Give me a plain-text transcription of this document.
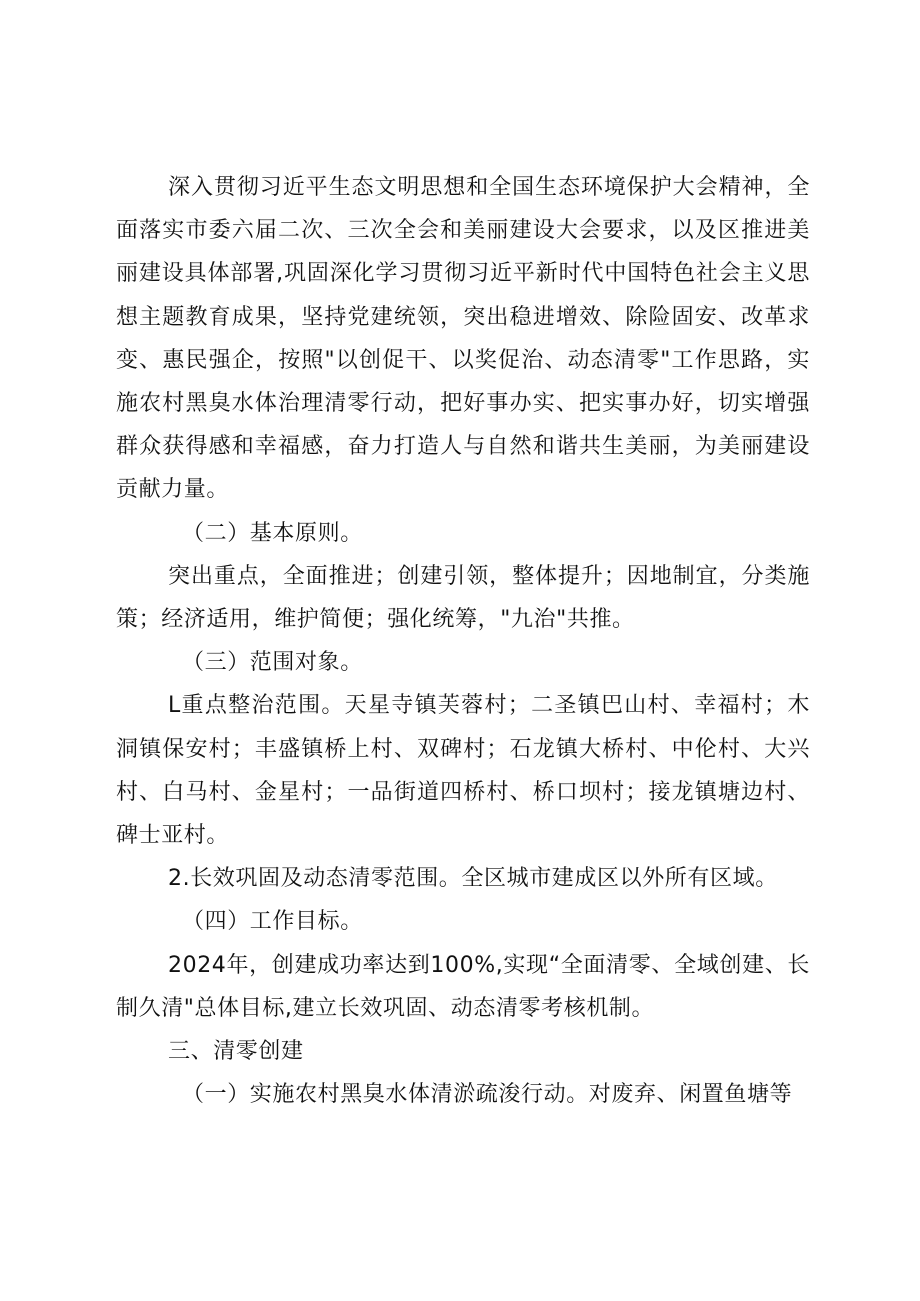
深入贯彻习近平生态文明思想和全国生态环境保护大会精神，全面落实市委六届二次、三次全会和美丽建设大会要求，以及区推进美丽建设具体部署,巩固深化学习贯彻习近平新时代中国特色社会主义思想主题教育成果，坚持党建统领，突出稳进增效、除险固安、改革求变、惠民强企，按照"以创促干、以奖促治、动态清零"工作思路，实施农村黑臭水体治理清零行动，把好事办实、把实事办好，切实增强群众获得感和幸福感，奋力打造人与自然和谐共生美丽，为美丽建设贡献力量。

（二）基本原则。

突出重点，全面推进；创建引领，整体提升；因地制宜，分类施策；经济适用，维护简便；强化统筹，"九治"共推。

（三）范围对象。

L重点整治范围。天星寺镇芙蓉村；二圣镇巴山村、幸福村；木洞镇保安村；丰盛镇桥上村、双碑村；石龙镇大桥村、中伦村、大兴村、白马村、金星村；一品街道四桥村、桥口坝村；接龙镇塘边村、碑士亚村。

2.长效巩固及动态清零范围。全区城市建成区以外所有区域。

（四）工作目标。

2024年，创建成功率达到100%,实现“全面清零、全域创建、长制久清"总体目标,建立长效巩固、动态清零考核机制。

三、清零创建

（一）实施农村黑臭水体清淤疏浚行动。对废弃、闲置鱼塘等
